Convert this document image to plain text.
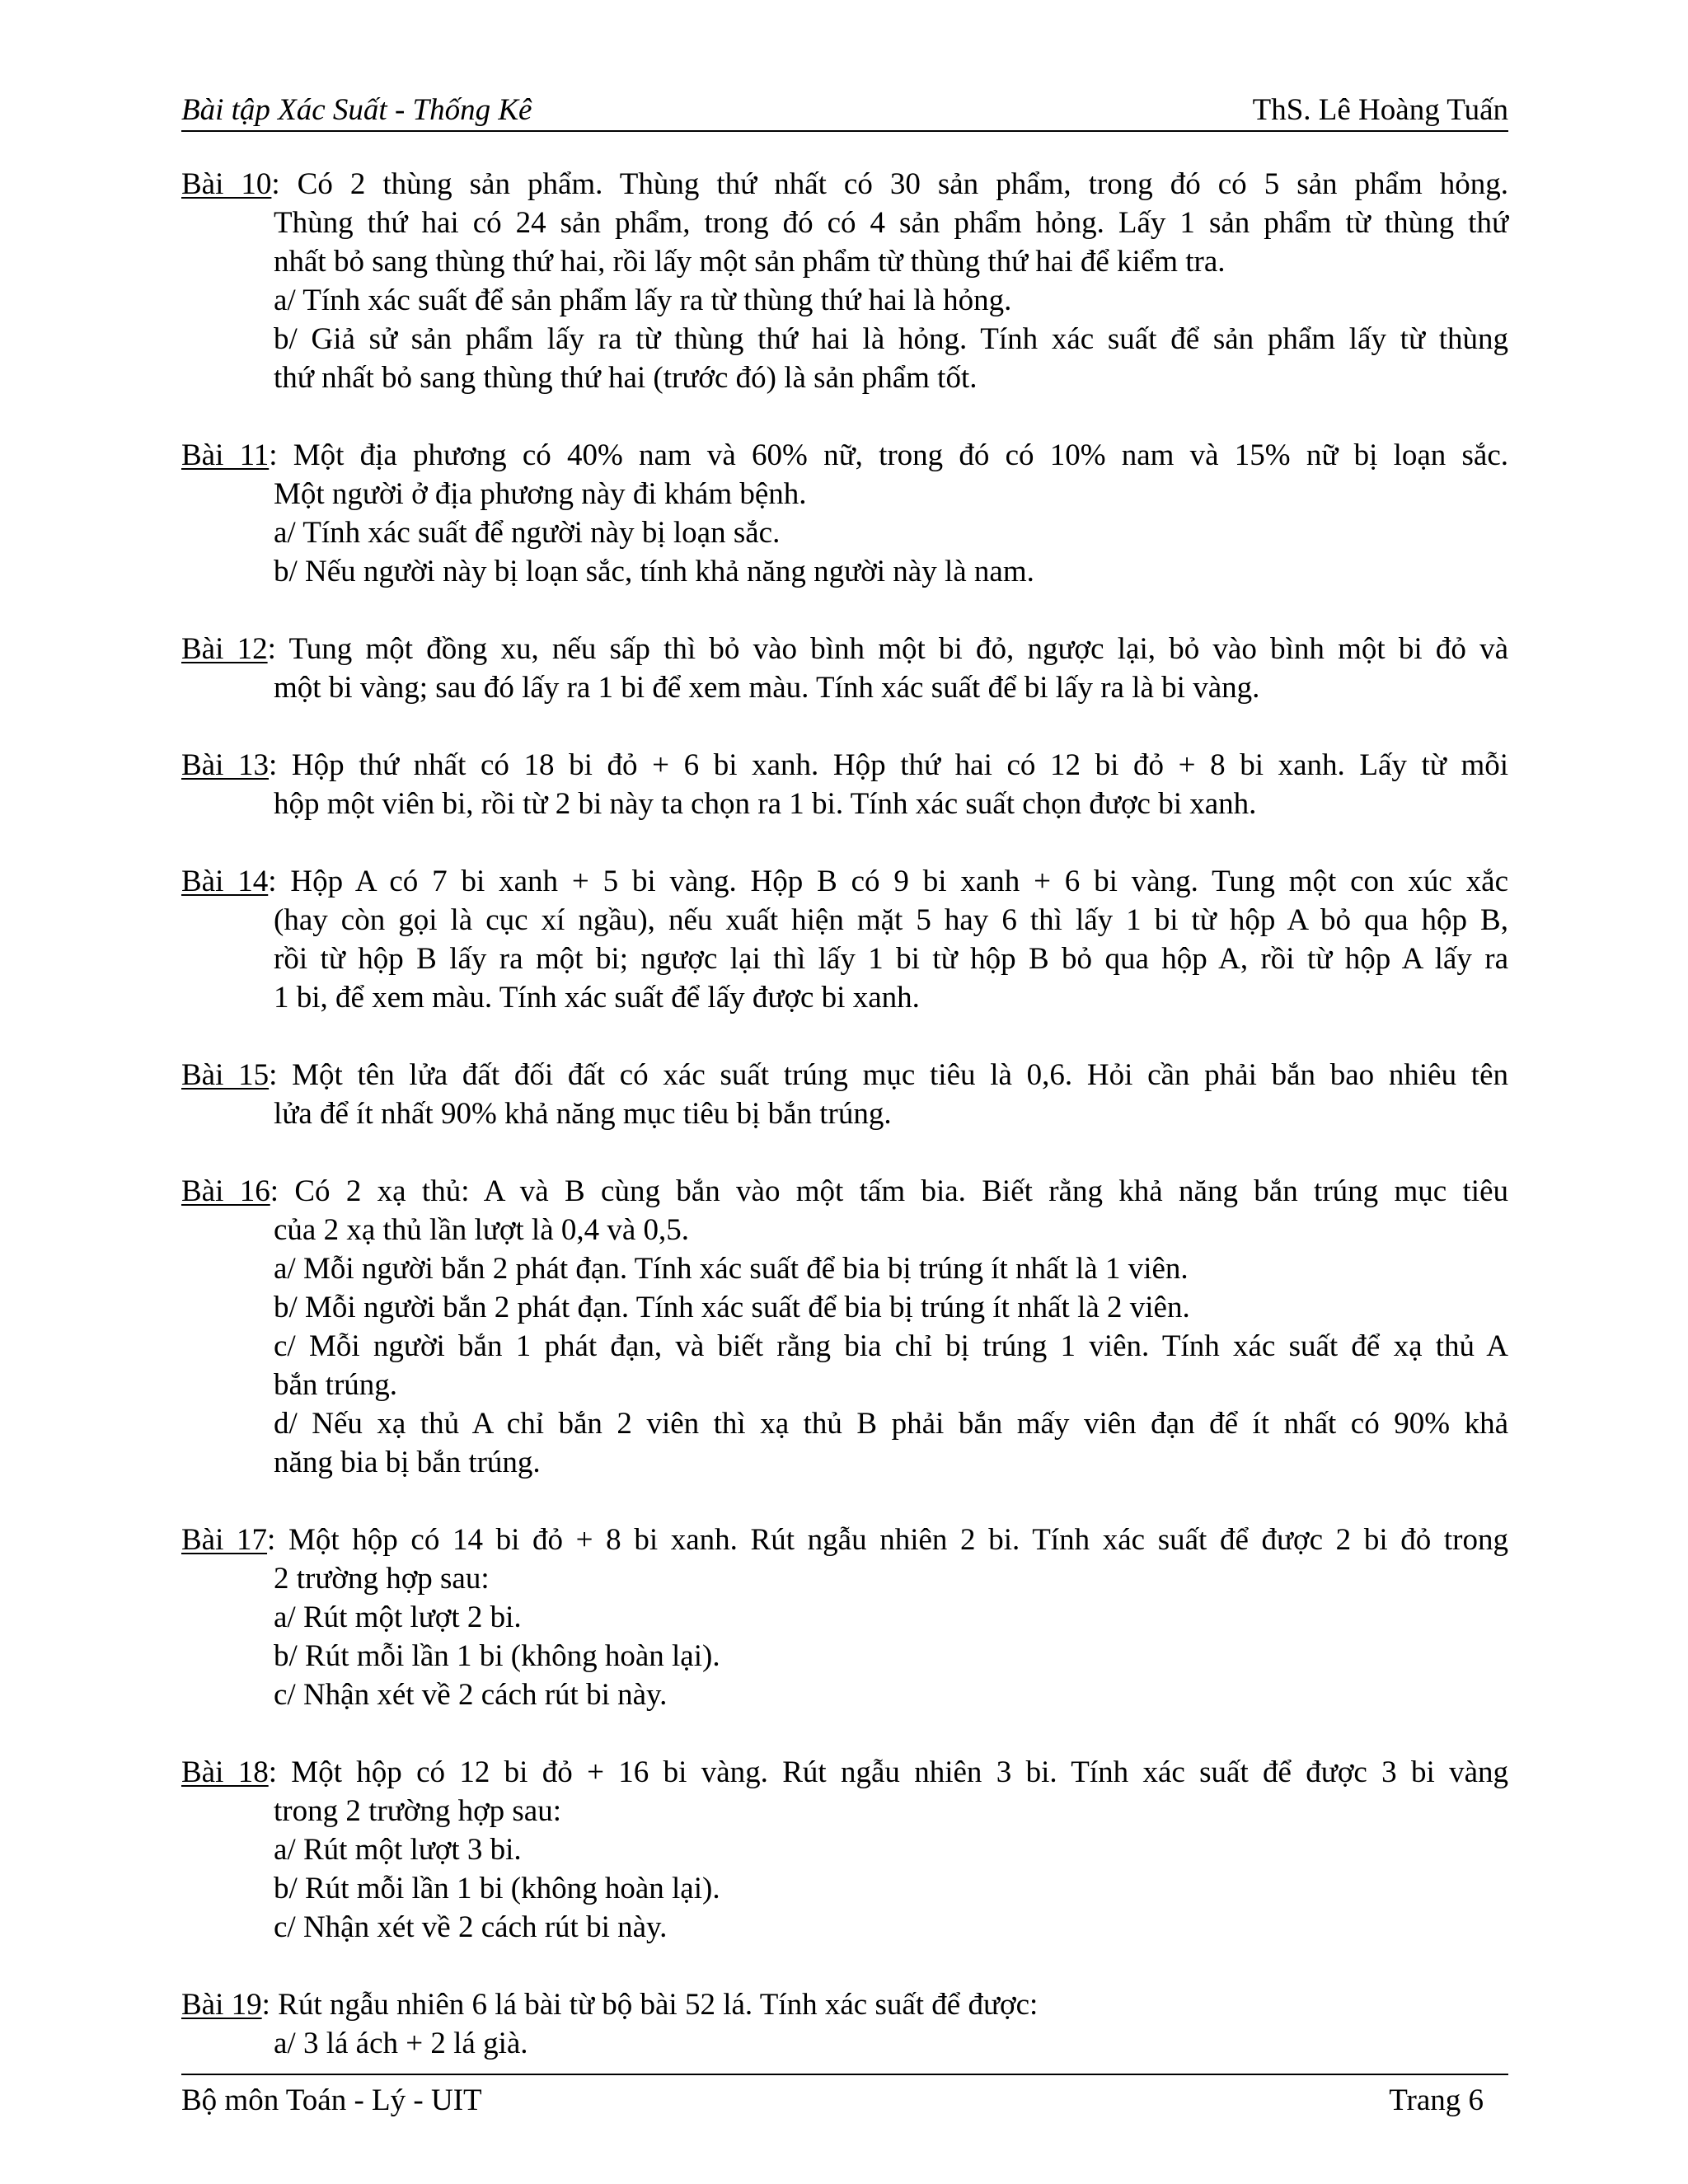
Bài tập Xác Suất - Thống Kê	ThS. Lê Hoàng Tuấn
Bài 10: Có 2 thùng sản phẩm. Thùng thứ nhất có 30 sản phẩm, trong đó có 5 sản phẩm hỏng.
Thùng thứ hai có 24 sản phẩm, trong đó có 4 sản phẩm hỏng. Lấy 1 sản phẩm từ thùng thứ
nhất bỏ sang thùng thứ hai, rồi lấy một sản phẩm từ thùng thứ hai để kiểm tra.
a/ Tính xác suất để sản phẩm lấy ra từ thùng thứ hai là hỏng.
b/ Giả sử sản phẩm lấy ra từ thùng thứ hai là hỏng. Tính xác suất để sản phẩm lấy từ thùng
thứ nhất bỏ sang thùng thứ hai (trước đó) là sản phẩm tốt.
Bài 11: Một địa phương có 40% nam và 60% nữ, trong đó có 10% nam và 15% nữ bị loạn sắc.
Một người ở địa phương này đi khám bệnh.
a/ Tính xác suất để người này bị loạn sắc.
b/ Nếu người này bị loạn sắc, tính khả năng người này là nam.
Bài 12: Tung một đồng xu, nếu sấp thì bỏ vào bình một bi đỏ, ngược lại, bỏ vào bình một bi đỏ và
một bi vàng; sau đó lấy ra 1 bi để xem màu. Tính xác suất để bi lấy ra là bi vàng.
Bài 13: Hộp thứ nhất có 18 bi đỏ + 6 bi xanh. Hộp thứ hai có 12 bi đỏ + 8 bi xanh. Lấy từ mỗi
hộp một viên bi, rồi từ 2 bi này ta chọn ra 1 bi. Tính xác suất chọn được bi xanh.
Bài 14: Hộp A có 7 bi xanh + 5 bi vàng. Hộp B có 9 bi xanh + 6 bi vàng. Tung một con xúc xắc
(hay còn gọi là cục xí ngầu), nếu xuất hiện mặt 5 hay 6 thì lấy 1 bi từ hộp A bỏ qua hộp B,
rồi từ hộp B lấy ra một bi; ngược lại thì lấy 1 bi từ hộp B bỏ qua hộp A, rồi từ hộp A lấy ra
1 bi, để xem màu. Tính xác suất để lấy được bi xanh.
Bài 15: Một tên lửa đất đối đất có xác suất trúng mục tiêu là 0,6. Hỏi cần phải bắn bao nhiêu tên
lửa để ít nhất 90% khả năng mục tiêu bị bắn trúng.
Bài 16: Có 2 xạ thủ: A và B cùng bắn vào một tấm bia. Biết rằng khả năng bắn trúng mục tiêu
của 2 xạ thủ lần lượt là 0,4 và 0,5.
a/ Mỗi người bắn 2 phát đạn. Tính xác suất để bia bị trúng ít nhất là 1 viên.
b/ Mỗi người bắn 2 phát đạn. Tính xác suất để bia bị trúng ít nhất là 2 viên.
c/ Mỗi người bắn 1 phát đạn, và biết rằng bia chỉ bị trúng 1 viên. Tính xác suất để xạ thủ A
bắn trúng.
d/ Nếu xạ thủ A chỉ bắn 2 viên thì xạ thủ B phải bắn mấy viên đạn để ít nhất có 90% khả
năng bia bị bắn trúng.
Bài 17: Một hộp có 14 bi đỏ + 8 bi xanh. Rút ngẫu nhiên 2 bi. Tính xác suất để được 2 bi đỏ trong
2 trường hợp sau:
a/ Rút một lượt 2 bi.
b/ Rút mỗi lần 1 bi (không hoàn lại).
c/ Nhận xét về 2 cách rút bi này.
Bài 18: Một hộp có 12 bi đỏ + 16 bi vàng. Rút ngẫu nhiên 3 bi. Tính xác suất để được 3 bi vàng
trong 2 trường hợp sau:
a/ Rút một lượt 3 bi.
b/ Rút mỗi lần 1 bi (không hoàn lại).
c/ Nhận xét về 2 cách rút bi này.
Bài 19: Rút ngẫu nhiên 6 lá bài từ bộ bài 52 lá. Tính xác suất để được:
a/ 3 lá ách + 2 lá già.
Bộ môn Toán - Lý - UIT	Trang 6
